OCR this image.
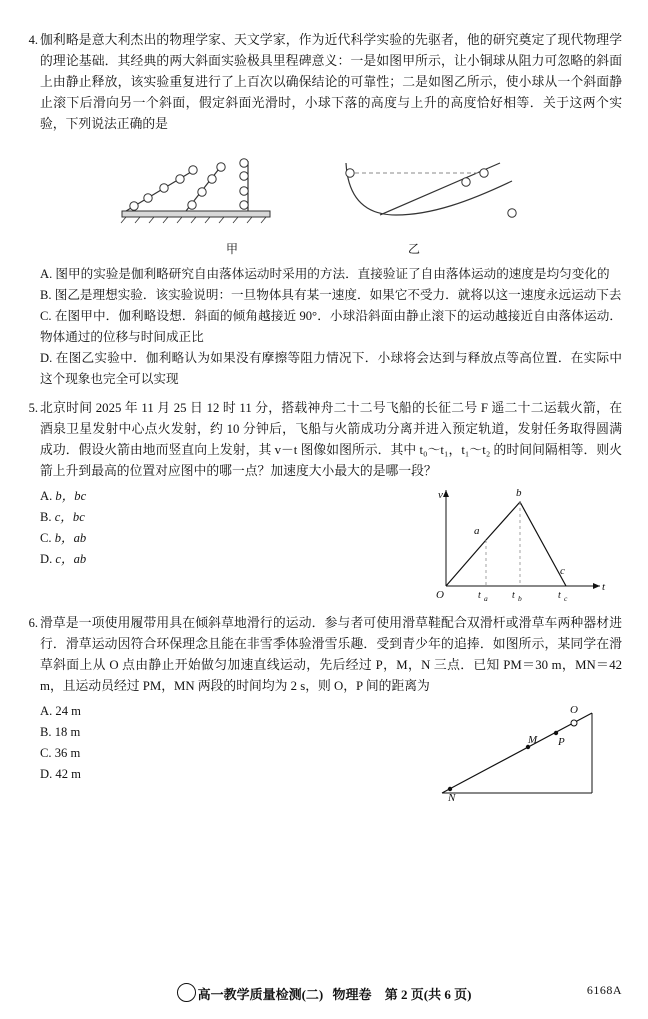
4. 伽利略是意大利杰出的物理学家、天文学家，作为近代科学实验的先驱者，他的研究奠定了现代物理学的理论基础．其经典的两大斜面实验极具里程碑意义：一是如图甲所示，让小铜球从阻力可忽略的斜面上由静止释放，该实验重复进行了上百次以确保结论的可靠性；二是如图乙所示，使小球从一个斜面静止滚下后滑向另一个斜面，假定斜面光滑时，小球下落的高度与上升的高度恰好相等．关于这两个实验，下列说法正确的是
甲	乙
A. 图甲的实验是伽利略研究自由落体运动时采用的方法．直接验证了自由落体运动的速度是均匀变化的
B. 图乙是理想实验．该实验说明：一旦物体具有某一速度．如果它不受力．就将以这一速度永远运动下去
C. 在图甲中．伽利略设想．斜面的倾角越接近 90°．小球沿斜面由静止滚下的运动越接近自由落体运动．物体通过的位移与时间成正比
D. 在图乙实验中．伽利略认为如果没有摩擦等阻力情况下．小球将会达到与释放点等高位置．在实际中这个现象也完全可以实现
5. 北京时间 2025 年 11 月 25 日 12 时 11 分，搭载神舟二十二号飞船的长征二号 F 遥二十二运载火箭，在酒泉卫星发射中心点火发射，约 10 分钟后，飞船与火箭成功分离并进入预定轨道，发射任务取得圆满成功．假设火箭由地而竖直向上发射，其 v－t 图像如图所示．其中 t₀～t₁，t₁～t₂ 的时间间隔相等．则火箭上升到最高的位置对应图中的哪一点？加速度大小最大的是哪一段？
v
t
O
a
b
c
t a t b	t c
A. b，bc
B. c，bc
C. b，ab
D. c，ab
6. 滑草是一项使用履带用具在倾斜草地滑行的运动．参与者可使用滑草鞋配合双滑杆或滑草车两种器材进行．滑草运动因符合环保理念且能在非雪季体验滑雪乐趣．受到青少年的追捧．如图所示，某同学在滑草斜面上从 O 点由静止开始做匀加速直线运动，先后经过 P，M，N 三点．已知 PM＝30 m，MN＝42 m，且运动员经过 PM，MN 两段的时间均为 2 s，则 O，P 间的距离为
O
P
M
N
A. 24 m
B. 18 m
C. 36 m
D. 42 m
高一教学质量检测(二) 物理卷 第 2 页(共 6 页)	6168A
